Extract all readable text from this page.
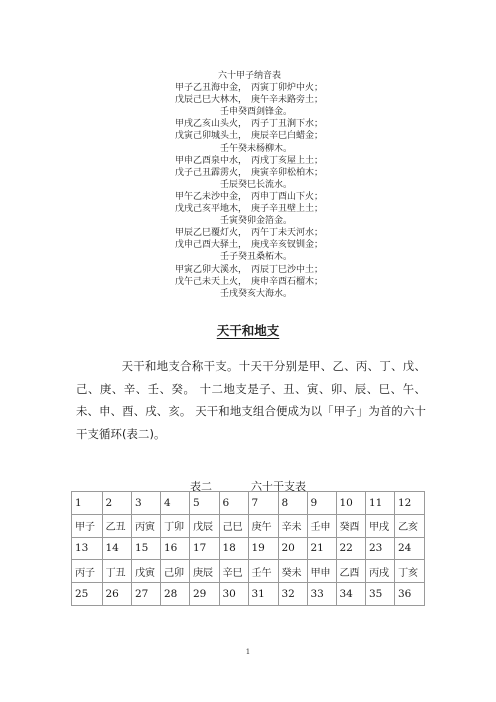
六十甲子纳音表
甲子乙丑海中金， 丙寅丁卯炉中火；
戊辰己巳大林木， 庚午辛未路旁土；
壬申癸酉剑锋金。
甲戌乙亥山头火， 丙子丁丑涧下水；
戊寅己卯城头土， 庚辰辛巳白蜡金；
壬午癸未杨柳木。
甲申乙酉泉中水， 丙戌丁亥屋上土；
戊子己丑霹雳火， 庚寅辛卯松柏木；
壬辰癸巳长流水。
甲午乙未沙中金， 丙申丁酉山下火；
戊戌己亥平地木， 庚子辛丑壁上土；
壬寅癸卯金箔金。
甲辰乙巳覆灯火， 丙午丁未天河水；
戊申己酉大驿土， 庚戌辛亥钗钏金；
壬子癸丑桑柘木。
甲寅乙卯大溪水， 丙辰丁巳沙中土；
戊午己未天上火， 庚申辛酉石榴木；
壬戌癸亥大海水。
天干和地支
天干和地支合称干支。十天干分别是甲、乙、丙、丁、戊、己、庚、辛、壬、癸。 十二地支是子、丑、寅、卯、辰、巳、午、未、申、酉、戌、亥。 天干和地支组合便成为以「甲子」为首的六十干支循环(表二)。
表二	六十干支表
1	2	3	4	5	6	7	8	9	10	11	12
甲子	乙丑	丙寅	丁卯	戊辰	己巳	庚午	辛未	壬申	癸酉	甲戌	乙亥
13	14	15	16	17	18	19	20	21	22	23	24
丙子	丁丑	戊寅	己卯	庚辰	辛巳	壬午	癸未	甲申	乙酉	丙戌	丁亥
25	26	27	28	29	30	31	32	33	34	35	36
1
